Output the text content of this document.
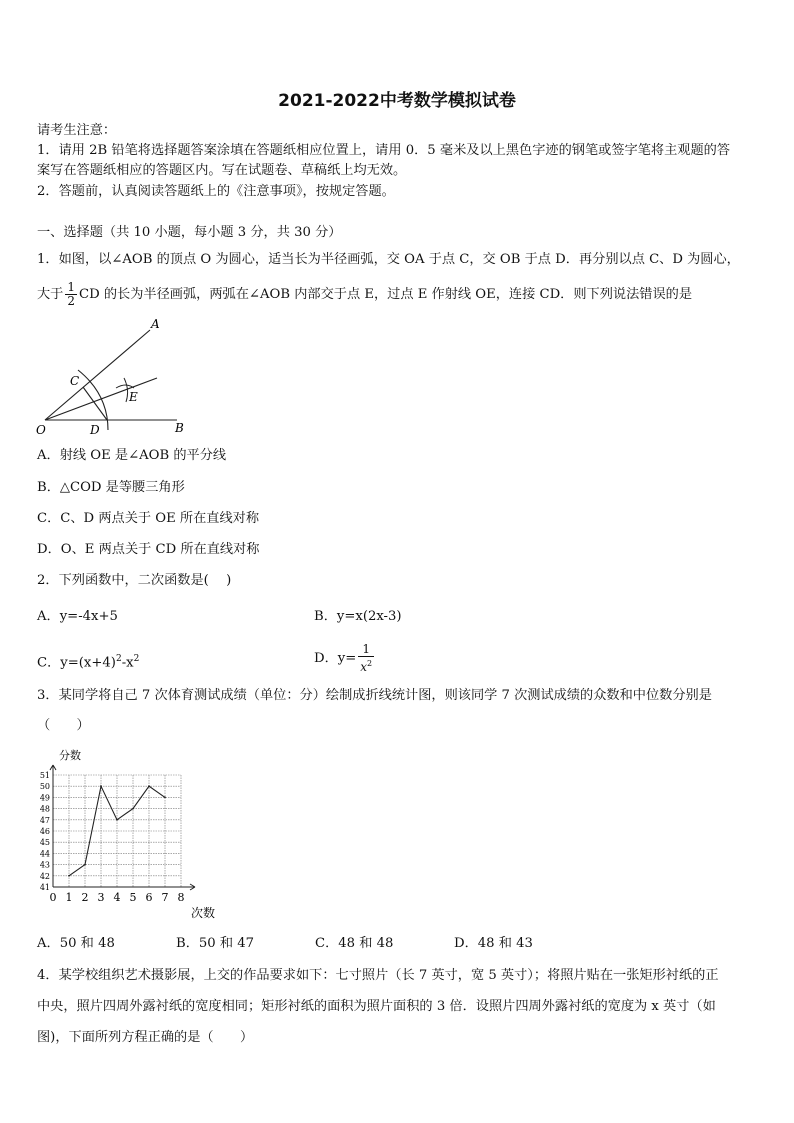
2021-2022中考数学模拟试卷
请考生注意：
1．请用 2B 铅笔将选择题答案涂填在答题纸相应位置上，请用 0．5 毫米及以上黑色字迹的钢笔或签字笔将主观题的答
案写在答题纸相应的答题区内。写在试题卷、草稿纸上均无效。
2．答题前，认真阅读答题纸上的《注意事项》，按规定答题。
一、选择题（共 10 小题，每小题 3 分，共 30 分）
1．如图，以∠AOB 的顶点 O 为圆心，适当长为半径画弧，交 OA 于点 C，交 OB 于点 D．再分别以点 C、D 为圆心，
大于 $\frac{1}{2}$ CD 的长为半径画弧，两弧在∠AOB 内部交于点 E，过点 E 作射线 OE，连接 CD．则下列说法错误的是
A
B
C
D
E
O
A．射线 OE 是∠AOB 的平分线
B．△COD 是等腰三角形
C．C、D 两点关于 OE 所在直线对称
D．O、E 两点关于 CD 所在直线对称
2．下列函数中，二次函数是(　 )
A．y=-4x+5	B．y=x(2x-3)
C．$y=(x+4)^2-x^2$	D．$y= \frac{1}{x^2}$
3．某同学将自己 7 次体育测试成绩（单位：分）绘制成折线统计图，则该同学 7 次测试成绩的众数和中位数分别是
（　　）
0 1 2 3 4 5 6 7 8
41
42
43
44
45
46
47
48
49
50
51
分数
次数
A．50 和 48	B．50 和 47	C．48 和 48	D．48 和 43
4．某学校组织艺术摄影展，上交的作品要求如下：七寸照片（长 7 英寸，宽 5 英寸）；将照片贴在一张矩形衬纸的正
中央，照片四周外露衬纸的宽度相同；矩形衬纸的面积为照片面积的 3 倍．设照片四周外露衬纸的宽度为 x 英寸（如
图)，下面所列方程正确的是（　　）
